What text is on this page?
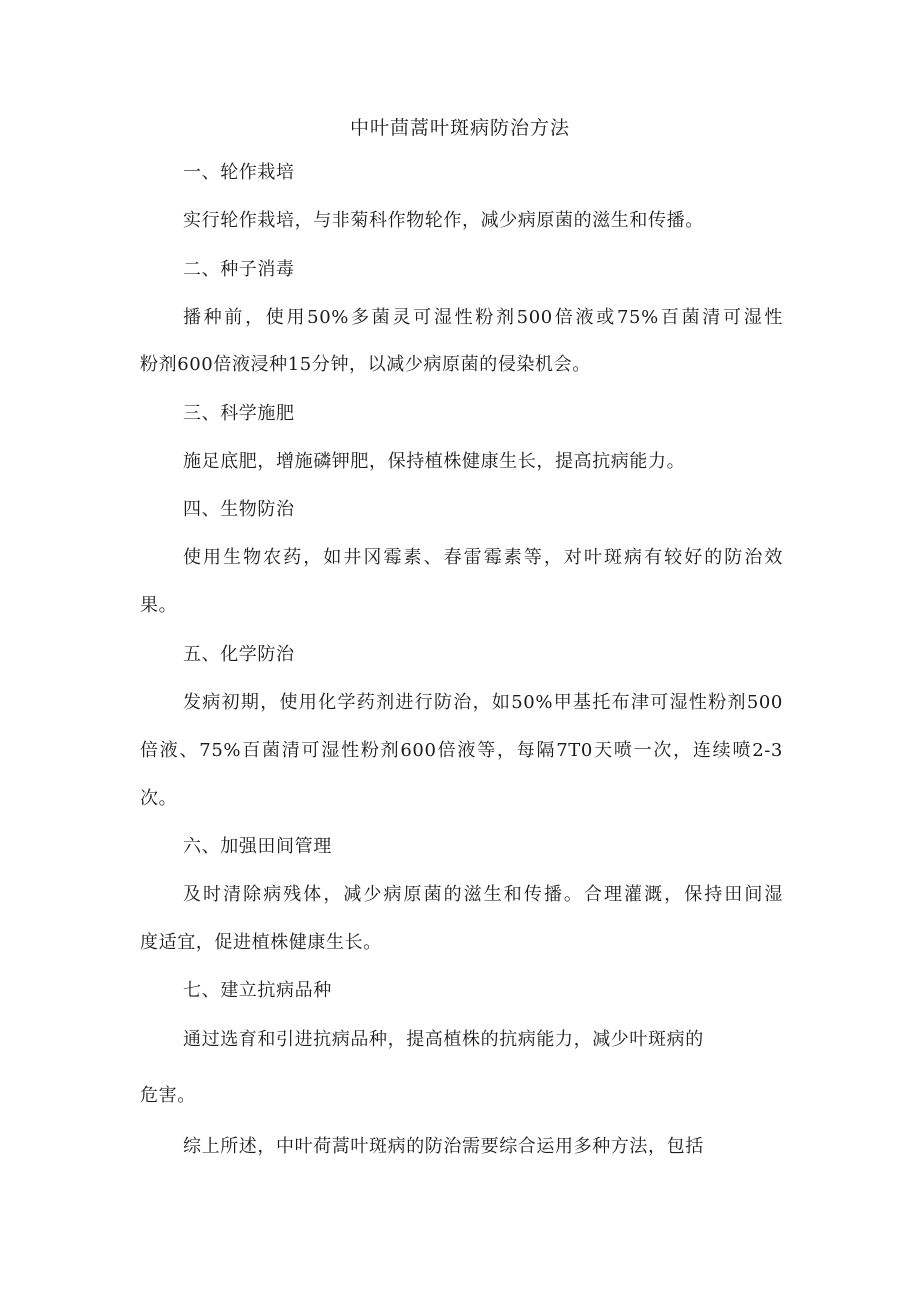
中叶茴蒿叶斑病防治方法
一、轮作栽培
实行轮作栽培，与非菊科作物轮作，减少病原菌的滋生和传播。
二、种子消毒
播种前，使用50%多菌灵可湿性粉剂500倍液或75%百菌清可湿性
粉剂600倍液浸种15分钟，以减少病原菌的侵染机会。
三、科学施肥
施足底肥，增施磷钾肥，保持植株健康生长，提高抗病能力。
四、生物防治
使用生物农药，如井冈霉素、春雷霉素等，对叶斑病有较好的防治效
果。
五、化学防治
发病初期，使用化学药剂进行防治，如50%甲基托布津可湿性粉剂500
倍液、75%百菌清可湿性粉剂600倍液等，每隔7T0天喷一次，连续喷2-3
次。
六、加强田间管理
及时清除病残体，减少病原菌的滋生和传播。合理灌溉，保持田间湿
度适宜，促进植株健康生长。
七、建立抗病品种
通过选育和引进抗病品种，提高植株的抗病能力，减少叶斑病的
危害。
综上所述，中叶荷蒿叶斑病的防治需要综合运用多种方法，包括
